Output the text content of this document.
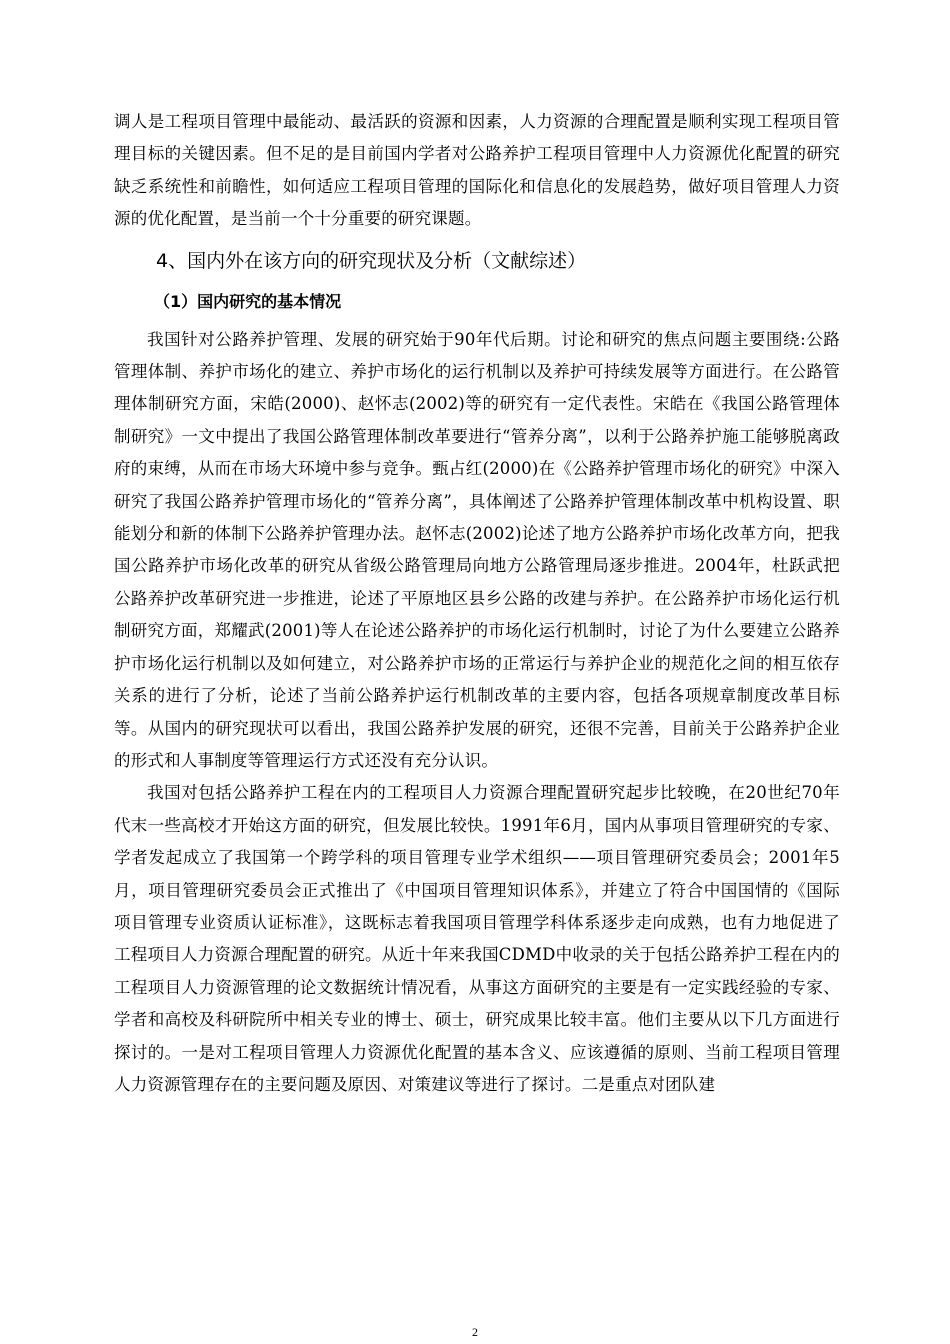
调人是工程项目管理中最能动、最活跃的资源和因素，人力资源的合理配置是顺利实现工程项目管理目标的关键因素。但不足的是目前国内学者对公路养护工程项目管理中人力资源优化配置的研究缺乏系统性和前瞻性，如何适应工程项目管理的国际化和信息化的发展趋势，做好项目管理人力资源的优化配置，是当前一个十分重要的研究课题。

4、国内外在该方向的研究现状及分析（文献综述）

（1）国内研究的基本情况

我国针对公路养护管理、发展的研究始于90年代后期。讨论和研究的焦点问题主要围绕:公路管理体制、养护市场化的建立、养护市场化的运行机制以及养护可持续发展等方面进行。在公路管理体制研究方面，宋皓(2000)、赵怀志(2002)等的研究有一定代表性。宋皓在《我国公路管理体制研究》一文中提出了我国公路管理体制改革要进行“管养分离”，以利于公路养护施工能够脱离政府的束缚，从而在市场大环境中参与竞争。甄占红(2000)在《公路养护管理市场化的研究》中深入研究了我国公路养护管理市场化的“管养分离”，具体阐述了公路养护管理体制改革中机构设置、职能划分和新的体制下公路养护管理办法。赵怀志(2002)论述了地方公路养护市场化改革方向，把我国公路养护市场化改革的研究从省级公路管理局向地方公路管理局逐步推进。2004年，杜跃武把公路养护改革研究进一步推进，论述了平原地区县乡公路的改建与养护。在公路养护市场化运行机制研究方面，郑耀武(2001)等人在论述公路养护的市场化运行机制时，讨论了为什么要建立公路养护市场化运行机制以及如何建立，对公路养护市场的正常运行与养护企业的规范化之间的相互依存关系的进行了分析，论述了当前公路养护运行机制改革的主要内容，包括各项规章制度改革目标等。从国内的研究现状可以看出，我国公路养护发展的研究，还很不完善，目前关于公路养护企业的形式和人事制度等管理运行方式还没有充分认识。

我国对包括公路养护工程在内的工程项目人力资源合理配置研究起步比较晚，在20世纪70年代末一些高校才开始这方面的研究，但发展比较快。1991年6月，国内从事项目管理研究的专家、学者发起成立了我国第一个跨学科的项目管理专业学术组织——项目管理研究委员会；2001年5月，项目管理研究委员会正式推出了《中国项目管理知识体系》，并建立了符合中国国情的《国际项目管理专业资质认证标准》，这既标志着我国项目管理学科体系逐步走向成熟，也有力地促进了工程项目人力资源合理配置的研究。从近十年来我国CDMD中收录的关于包括公路养护工程在内的工程项目人力资源管理的论文数据统计情况看，从事这方面研究的主要是有一定实践经验的专家、学者和高校及科研院所中相关专业的博士、硕士，研究成果比较丰富。他们主要从以下几方面进行探讨的。一是对工程项目管理人力资源优化配置的基本含义、应该遵循的原则、当前工程项目管理人力资源管理存在的主要问题及原因、对策建议等进行了探讨。二是重点对团队建

2
